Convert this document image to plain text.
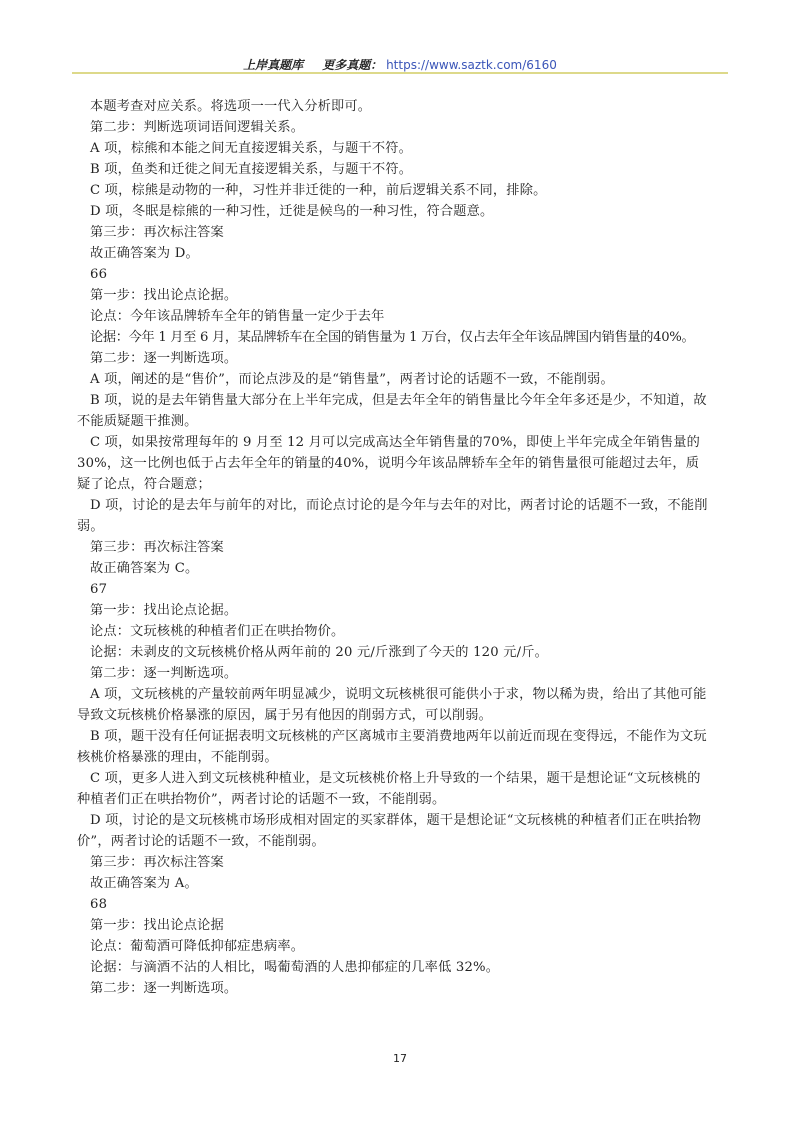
上岸真题库 更多真题： https://www.saztk.com/6160

本题考查对应关系。将选项一一代入分析即可。

第二步：判断选项词语间逻辑关系。

A 项，棕熊和本能之间无直接逻辑关系，与题干不符。

B 项，鱼类和迁徙之间无直接逻辑关系，与题干不符。

C 项，棕熊是动物的一种，习性并非迁徙的一种，前后逻辑关系不同，排除。

D 项，冬眠是棕熊的一种习性，迁徙是候鸟的一种习性，符合题意。

第三步：再次标注答案

故正确答案为 D。

66

第一步：找出论点论据。

论点：今年该品牌轿车全年的销售量一定少于去年

论据：今年 1 月至 6 月，某品牌轿车在全国的销售量为 1 万台，仅占去年全年该品牌国内销售量的40%。

第二步：逐一判断选项。

A 项，阐述的是“售价”，而论点涉及的是“销售量”，两者讨论的话题不一致，不能削弱。

B 项，说的是去年销售量大部分在上半年完成，但是去年全年的销售量比今年全年多还是少，不知道，故不能质疑题干推测。

C 项，如果按常理每年的 9 月至 12 月可以完成高达全年销售量的70%，即使上半年完成全年销售量的30%，这一比例也低于占去年全年的销量的40%，说明今年该品牌轿车全年的销售量很可能超过去年，质疑了论点，符合题意；

D 项，讨论的是去年与前年的对比，而论点讨论的是今年与去年的对比，两者讨论的话题不一致，不能削弱。

第三步：再次标注答案

故正确答案为 C。

67

第一步：找出论点论据。

论点：文玩核桃的种植者们正在哄抬物价。

论据：未剥皮的文玩核桃价格从两年前的 20 元/斤涨到了今天的 120 元/斤。

第二步：逐一判断选项。

A 项，文玩核桃的产量较前两年明显减少，说明文玩核桃很可能供小于求，物以稀为贵，给出了其他可能导致文玩核桃价格暴涨的原因，属于另有他因的削弱方式，可以削弱。

B 项，题干没有任何证据表明文玩核桃的产区离城市主要消费地两年以前近而现在变得远，不能作为文玩核桃价格暴涨的理由，不能削弱。

C 项，更多人进入到文玩核桃种植业，是文玩核桃价格上升导致的一个结果，题干是想论证“文玩核桃的种植者们正在哄抬物价”，两者讨论的话题不一致，不能削弱。

D 项，讨论的是文玩核桃市场形成相对固定的买家群体，题干是想论证“文玩核桃的种植者们正在哄抬物价”，两者讨论的话题不一致，不能削弱。

第三步：再次标注答案

故正确答案为 A。

68

第一步：找出论点论据

论点：葡萄酒可降低抑郁症患病率。

论据：与滴酒不沾的人相比，喝葡萄酒的人患抑郁症的几率低 32%。

第二步：逐一判断选项。

17
